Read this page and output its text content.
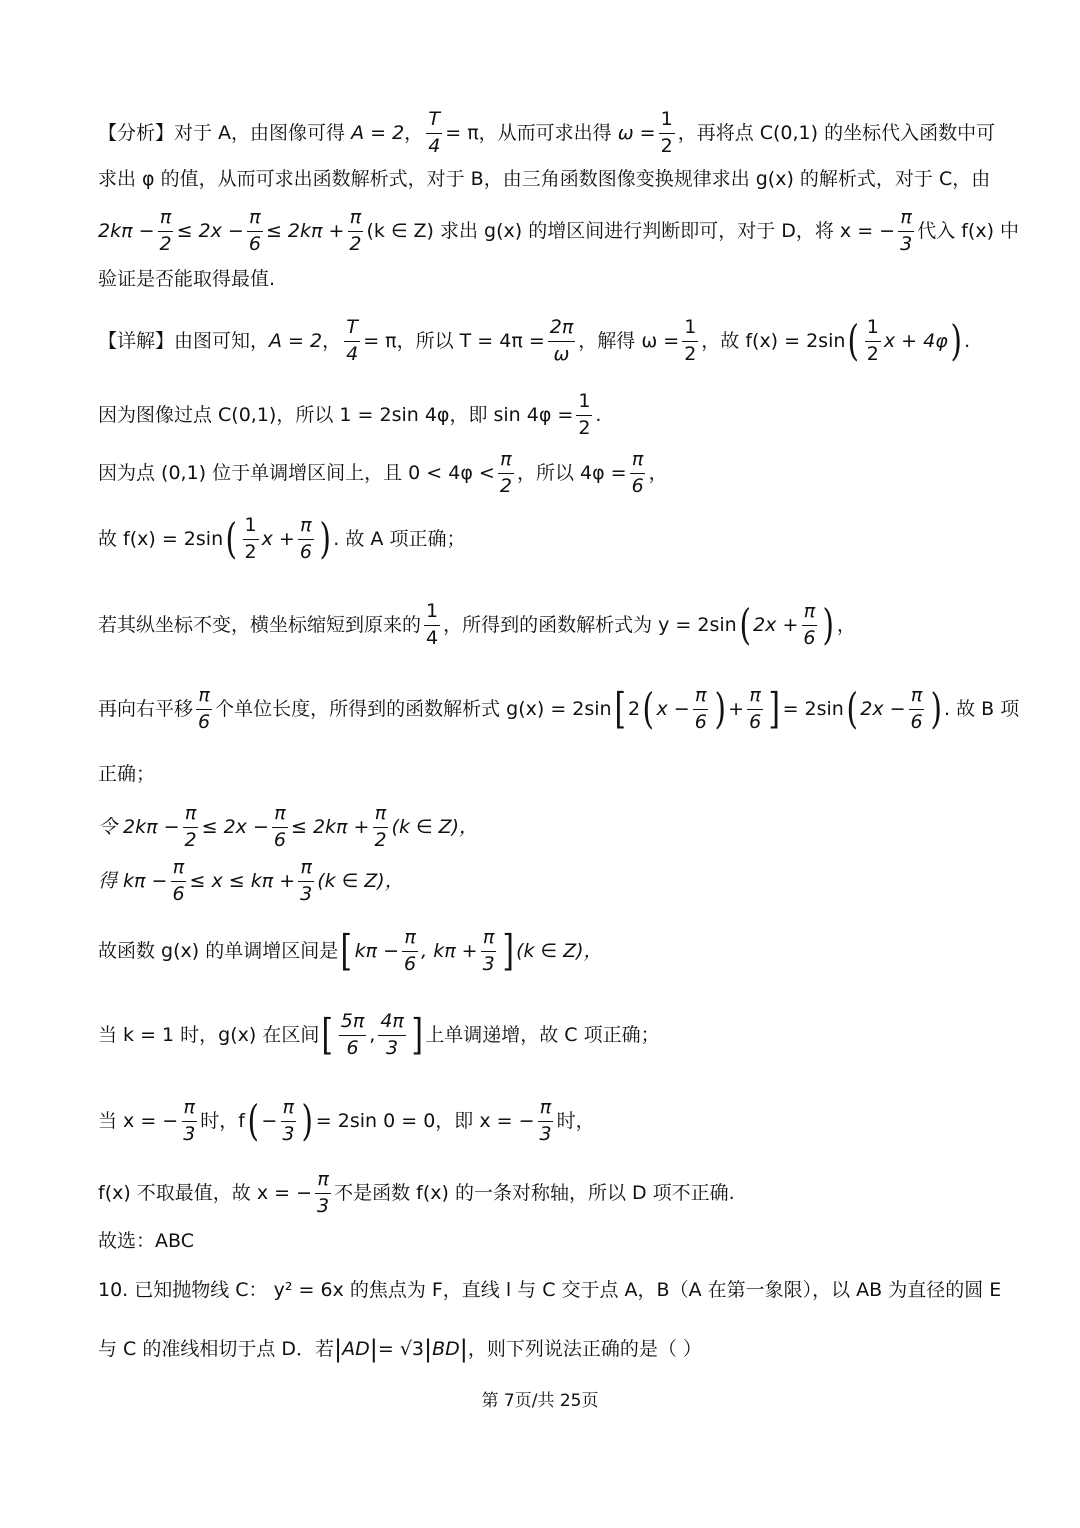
【分析】对于 A，由图像可得 A = 2， $\frac{T}{4} = \pi$，从而可求出得 $\omega = \frac{1}{2}$ ，再将点 C(0,1) 的坐标代入函数中可
求出 φ 的值，从而可求出函数解析式，对于 B，由三角函数图像变换规律求出 g(x) 的解析式，对于 C，由
$2k\pi - \frac{\pi}{2} \le 2x - \frac{\pi}{6} \le 2k\pi + \frac{\pi}{2} (k$ ∈ Z) 求出 g(x) 的增区间进行判断即可，对于 D，将 x = − $\frac{\pi}{3}$ 代入 f(x) 中
验证是否能取得最值.
【详解】由图可知，A = 2， $\frac{T}{4} = \pi$，所以 $T = 4\pi = \frac{2\pi}{\omega}$ ，解得 $\omega = \frac{1}{2}$ ，故 $f(x) = 2\sin( \frac{1}{2}$ x + 4φ) .
因为图像过点 C(0,1)，所以 1 = 2sin 4φ，即 $\sin 4\varphi = \frac{1}{2}$ .
因为点 (0,1) 位于单调增区间上，且 $0 < 4\varphi < \frac{\pi}{2}$ ，所以 $4\varphi = \frac{\pi}{6}$ ，
故 $f(x) = 2\sin( \frac{1}{2}$ $x + \frac{\pi}{6}$ ) . 故 A 项正确；
若其纵坐标不变，横坐标缩短到原来的 $\frac{1}{4}$ ，所得到的函数解析式为 y = 2sin( $2x + \frac{\pi}{6}$ ) ，
再向右平移 $\frac{\pi}{6}$ 个单位长度，所得到的函数解析式 g(x) = 2sin[ 2( $x - \frac{\pi}{6}$ ) + $\frac{\pi}{6}$ ] = 2sin( $2x - \frac{\pi}{6}$ ) . 故 B 项
正确；
令 $2k\pi - \frac{\pi}{2} \le 2x - \frac{\pi}{6} \le 2k\pi + \frac{\pi}{2} (k$ ∈ Z)，
得 $k\pi - \frac{\pi}{6} \le x \le k\pi + \frac{\pi}{3} (k$ ∈ Z)，
故函数 g(x) 的单调增区间是[ $k\pi - \frac{\pi}{6}$ , $k\pi + \frac{\pi}{3}$ ] (k ∈ Z)，
当 k = 1 时，g(x) 在区间[ $\frac{5\pi}{6}$ , $\frac{4\pi}{3}$ ] 上单调递增，故 C 项正确；
当 x = − $\frac{\pi}{3}$ 时，$f( - \frac{\pi}{3}$ ) = 2sin 0 = 0，即 x = − $\frac{\pi}{3}$ 时，
f(x) 不取最值，故 x = − $\frac{\pi}{3}$ 不是函数 f(x) 的一条对称轴，所以 D 项不正确.
故选：ABC
10. 已知抛物线 C： y² = 6x 的焦点为 F，直线 l 与 C 交于点 A，B（A 在第一象限），以 AB 为直径的圆 E
与 C 的准线相切于点 D．若|AD|= √3|BD|，则下列说法正确的是（ ）
第 7页/共 25页
